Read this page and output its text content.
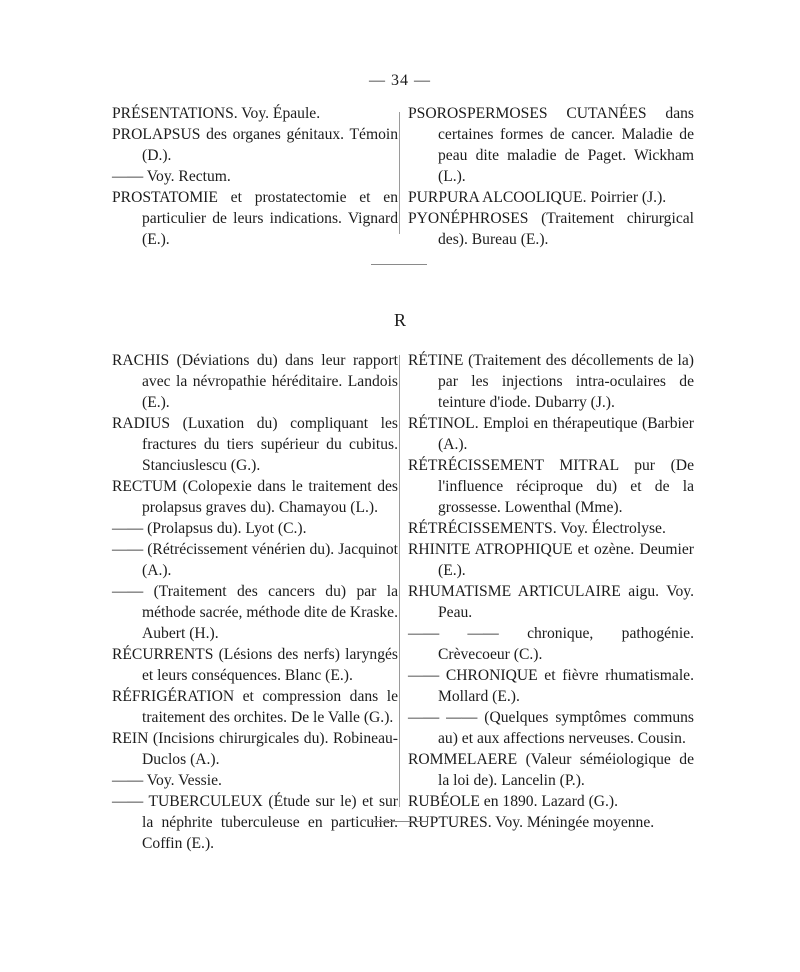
— 34 —

PRÉSENTATIONS. Voy. Épaule.

PROLAPSUS des organes génitaux. Témoin (D.).

—— Voy. Rectum.

PROSTATOMIE et prostatectomie et en particulier de leurs indications. Vignard (E.).

PSOROSPERMOSES CUTANÉES dans certaines formes de cancer. Maladie de peau dite maladie de Paget. Wickham (L.).

PURPURA ALCOOLIQUE. Poirrier (J.).

PYONÉPHROSES (Traitement chirurgical des). Bureau (E.).

R

RACHIS (Déviations du) dans leur rapport avec la névropathie héréditaire. Landois (E.).

RADIUS (Luxation du) compliquant les fractures du tiers supérieur du cubitus. Stanciuslescu (G.).

RECTUM (Colopexie dans le traitement des prolapsus graves du). Chamayou (L.).

—— (Prolapsus du). Lyot (C.).

—— (Rétrécissement vénérien du). Jacquinot (A.).

—— (Traitement des cancers du) par la méthode sacrée, méthode dite de Kraske. Aubert (H.).

RÉCURRENTS (Lésions des nerfs) laryngés et leurs conséquences. Blanc (E.).

RÉFRIGÉRATION et compression dans le traitement des orchites. De le Valle (G.).

REIN (Incisions chirurgicales du). Robineau-Duclos (A.).

—— Voy. Vessie.

—— TUBERCULEUX (Étude sur le) et sur la néphrite tuberculeuse en particulier. Coffin (E.).

RÉTINE (Traitement des décollements de la) par les injections intra-oculaires de teinture d'iode. Dubarry (J.).

RÉTINOL. Emploi en thérapeutique (Barbier (A.).

RÉTRÉCISSEMENT MITRAL pur (De l'influence réciproque du) et de la grossesse. Lowenthal (Mme).

RÉTRÉCISSEMENTS. Voy. Électrolyse.

RHINITE ATROPHIQUE et ozène. Deumier (E.).

RHUMATISME ARTICULAIRE aigu. Voy. Peau.

—— —— chronique, pathogénie. Crèvecoeur (C.).

—— CHRONIQUE et fièvre rhumatismale. Mollard (E.).

—— —— (Quelques symptômes communs au) et aux affections nerveuses. Cousin.

ROMMELAERE (Valeur séméiologique de la loi de). Lancelin (P.).

RUBÉOLE en 1890. Lazard (G.).

RUPTURES. Voy. Méningée moyenne.
